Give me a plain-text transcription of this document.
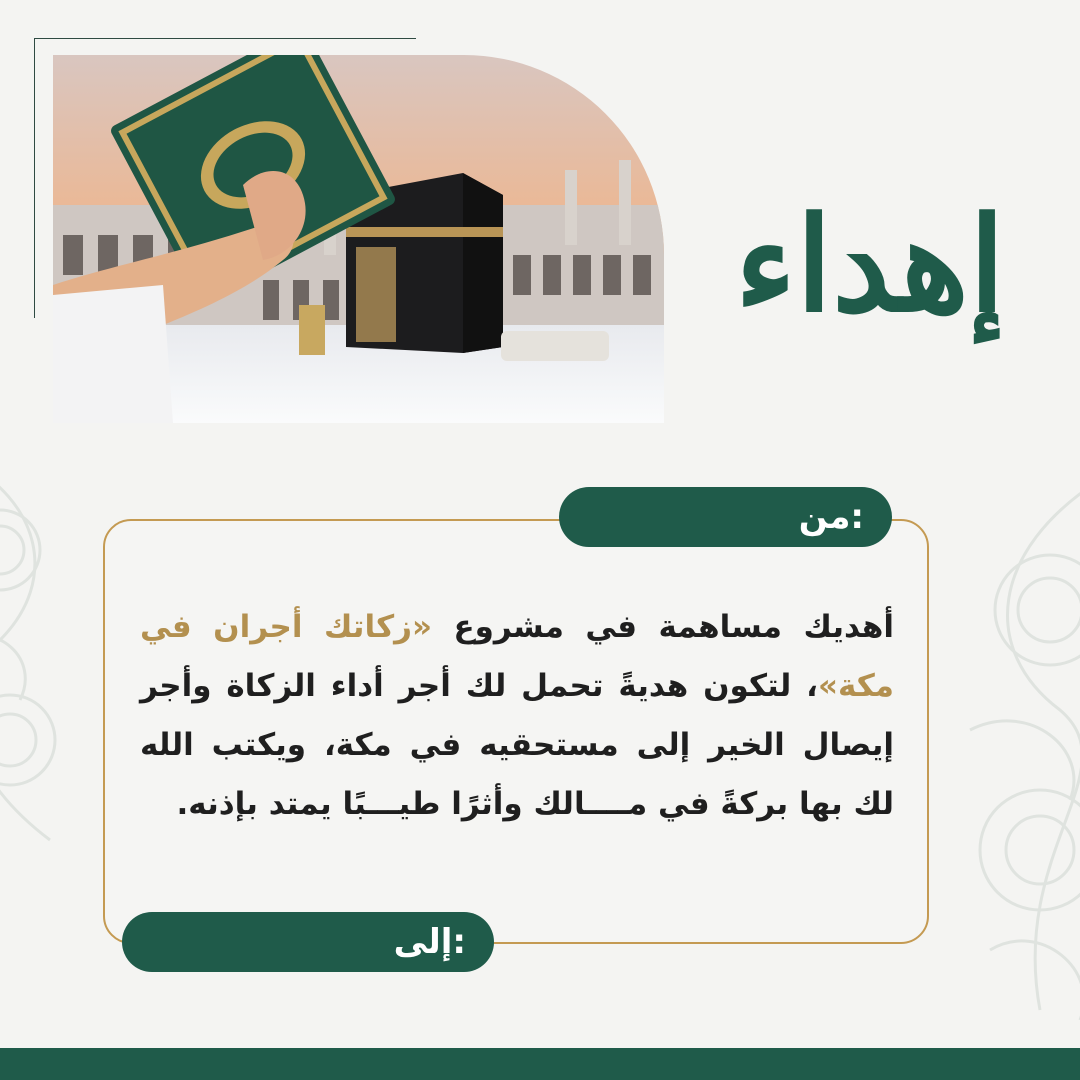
إهداء
من:

أهديك مساهمة في مشروع «زكاتك أجران في مكة»، لتكون هديةً تحمل لك أجر أداء الزكاة وأجر إيصال الخير إلى مستحقيه في مكة، ويكتب الله لك بها بركةً في مــــالك وأثرًا طيـــبًا يمتد بإذنه.

إلى:
